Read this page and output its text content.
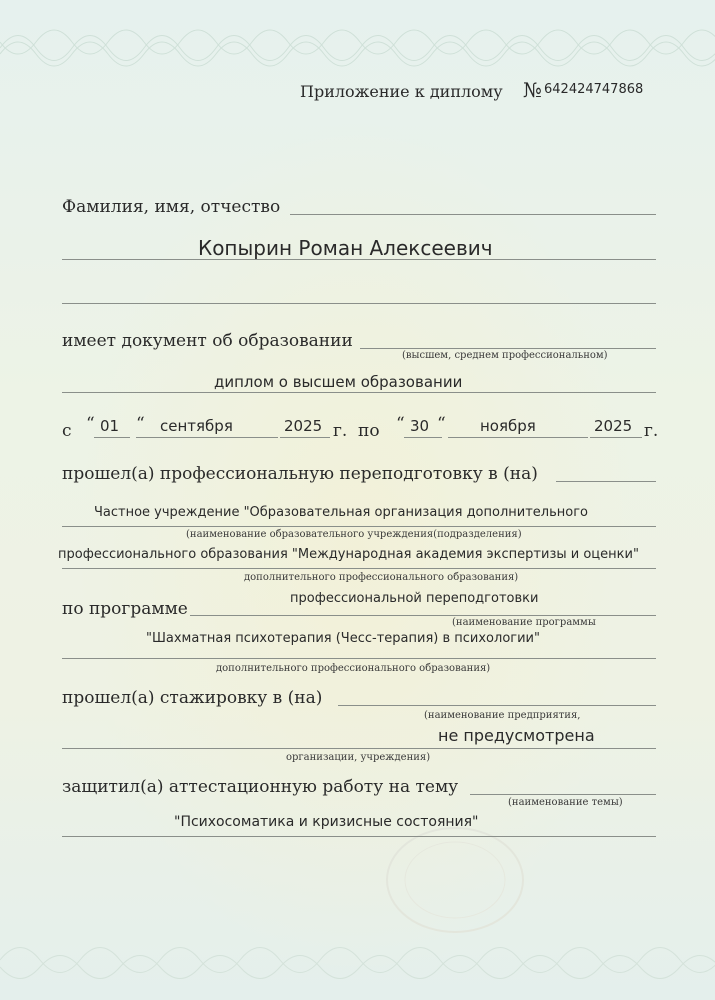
Приложение к диплому № 642424747868
Фамилия, имя, отчество
Копырин Роман Алексеевич
имеет документ об образовании
(высшем, среднем профессиональном)
диплом о высшем образовании
с “ 01 “ сентября	2025 г. по “ 30 “ ноября	2025 г.
прошел(а) профессиональную переподготовку в (на)
Частное учреждение "Образовательная организация дополнительного
(наименование образовательного учреждения(подразделения)
профессионального образования "Международная академия экспертизы и оценки"
дополнительного профессионального образования)
по программе
профессиональной переподготовки
(наименование программы
"Шахматная психотерапия (Чесс-терапия) в психологии"
дополнительного профессионального образования)
прошел(а) стажировку в (на)
(наименование предприятия,
не предусмотрена
организации, учреждения)
защитил(а) аттестационную работу на тему
(наименование темы)
"Психосоматика и кризисные состояния"
